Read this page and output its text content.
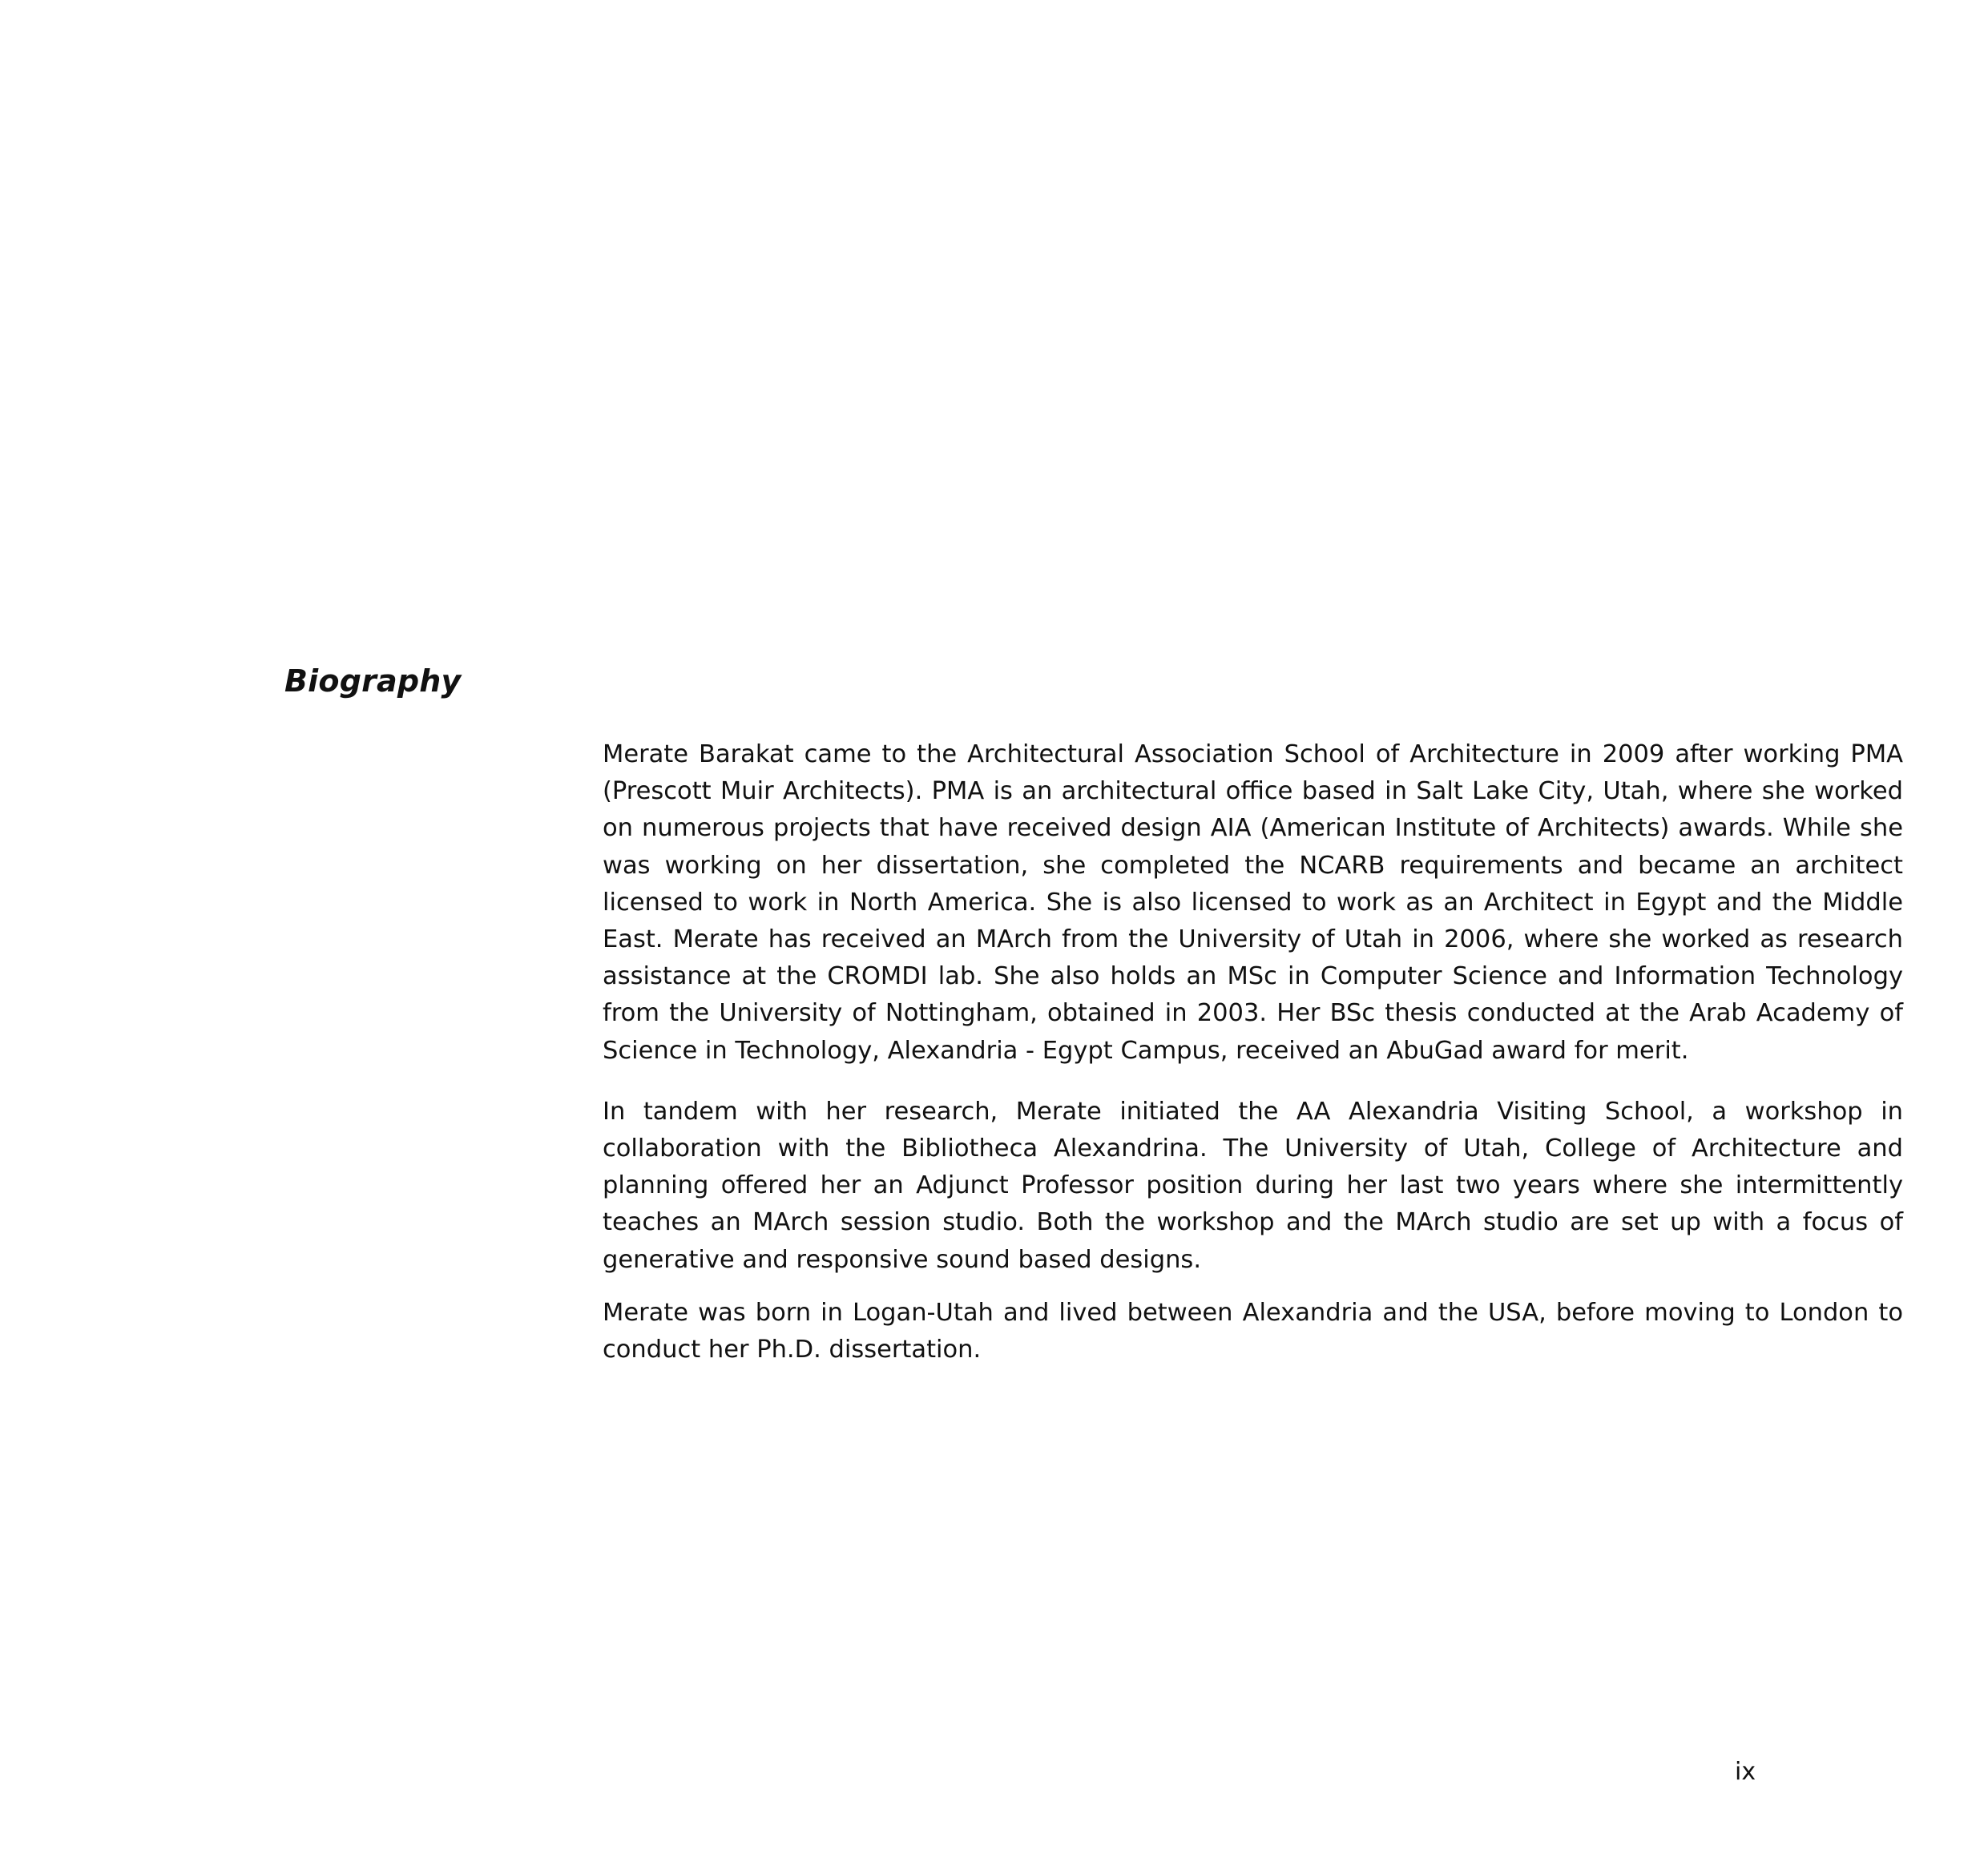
Biography

Merate Barakat came to the Architectural Association School of Architecture in 2009 after working PMA (Prescott Muir Architects). PMA is an architectural office based in Salt Lake City, Utah, where she worked on numerous projects that have received design AIA (American Institute of Architects) awards. While she was working on her dissertation, she completed the NCARB requirements and became an architect licensed to work in North America. She is also licensed to work as an Architect in Egypt and the Middle East. Merate has received an MArch from the University of Utah in 2006, where she worked as research assistance at the CROMDI lab. She also holds an MSc in Computer Science and Information Technology from the University of Nottingham, obtained in 2003. Her BSc thesis conducted at the Arab Academy of Science in Technology, Alexandria - Egypt Campus, received an AbuGad award for merit.

In tandem with her research, Merate initiated the AA Alexandria Visiting School, a workshop in collaboration with the Bibliotheca Alexandrina. The University of Utah, College of Architecture and planning offered her an Adjunct Professor position during her last two years where she intermittently teaches an MArch session studio. Both the workshop and the MArch studio are set up with a focus of generative and responsive sound based designs.

Merate was born in Logan-Utah and lived between Alexandria and the USA, before moving to London to conduct her Ph.D. dissertation.

ix
